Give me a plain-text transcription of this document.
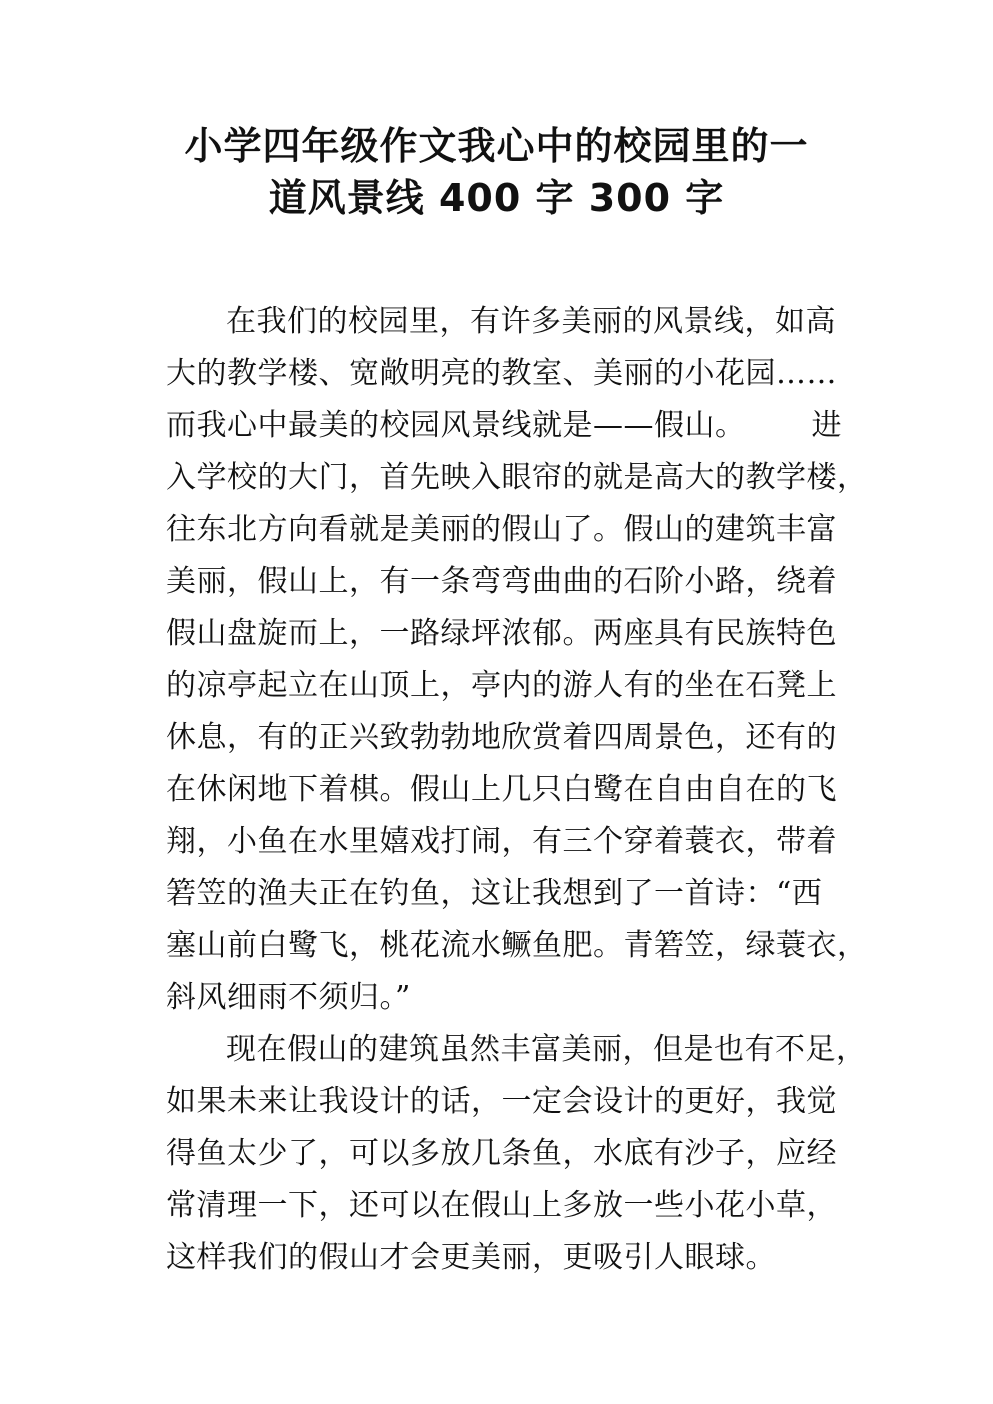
小学四年级作文我心中的校园里的一
道风景线 400 字 300 字
在我们的校园里，有许多美丽的风景线，如高
大的教学楼、宽敞明亮的教室、美丽的小花园……
而我心中最美的校园风景线就是——假山。 进
入学校的大门，首先映入眼帘的就是高大的教学楼，
往东北方向看就是美丽的假山了。假山的建筑丰富
美丽，假山上，有一条弯弯曲曲的石阶小路，绕着
假山盘旋而上，一路绿坪浓郁。两座具有民族特色
的凉亭起立在山顶上，亭内的游人有的坐在石凳上
休息，有的正兴致勃勃地欣赏着四周景色，还有的
在休闲地下着棋。假山上几只白鹭在自由自在的飞
翔，小鱼在水里嬉戏打闹，有三个穿着蓑衣，带着
箬笠的渔夫正在钓鱼，这让我想到了一首诗：“西
塞山前白鹭飞，桃花流水鳜鱼肥。青箬笠，绿蓑衣，
斜风细雨不须归。”
现在假山的建筑虽然丰富美丽，但是也有不足，
如果未来让我设计的话，一定会设计的更好，我觉
得鱼太少了，可以多放几条鱼，水底有沙子，应经
常清理一下，还可以在假山上多放一些小花小草，
这样我们的假山才会更美丽，更吸引人眼球。
